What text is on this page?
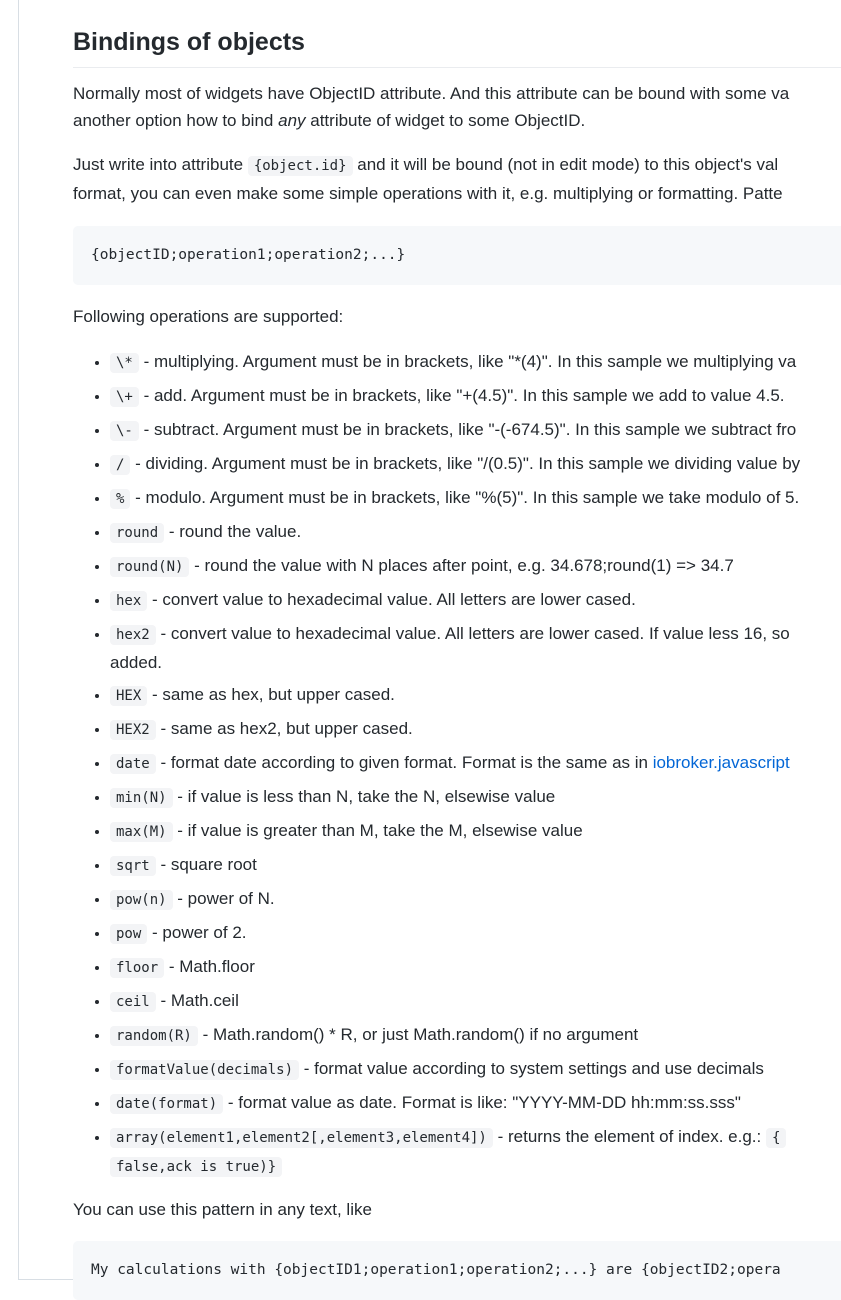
Bindings of objects

Normally most of widgets have ObjectID attribute. And this attribute can be bound with some va
another option how to bind any attribute of widget to some ObjectID.

Just write into attribute {object.id} and it will be bound (not in edit mode) to this object's val
format, you can even make some simple operations with it, e.g. multiplying or formatting. Patte

{objectID;operation1;operation2;...}

Following operations are supported:

• \* - multiplying. Argument must be in brackets, like "*(4)". In this sample we multiplying va
• \+ - add. Argument must be in brackets, like "+(4.5)". In this sample we add to value 4.5.
• \- - subtract. Argument must be in brackets, like "-(-674.5)". In this sample we subtract fro
• / - dividing. Argument must be in brackets, like "/(0.5)". In this sample we dividing value by
• % - modulo. Argument must be in brackets, like "%(5)". In this sample we take modulo of 5.
• round - round the value.
• round(N) - round the value with N places after point, e.g. 34.678;round(1) => 34.7
• hex - convert value to hexadecimal value. All letters are lower cased.
• hex2 - convert value to hexadecimal value. All letters are lower cased. If value less 16, so
added.
• HEX - same as hex, but upper cased.
• HEX2 - same as hex2, but upper cased.
• date - format date according to given format. Format is the same as in iobroker.javascript
• min(N) - if value is less than N, take the N, elsewise value
• max(M) - if value is greater than M, take the M, elsewise value
• sqrt - square root
• pow(n) - power of N.
• pow - power of 2.
• floor - Math.floor
• ceil - Math.ceil
• random(R) - Math.random() * R, or just Math.random() if no argument
• formatValue(decimals) - format value according to system settings and use decimals
• date(format) - format value as date. Format is like: "YYYY-MM-DD hh:mm:ss.sss"
• array(element1,element2[,element3,element4]) - returns the element of index. e.g.: {
false,ack is true)}

You can use this pattern in any text, like

My calculations with {objectID1;operation1;operation2;...} are {objectID2;opera
